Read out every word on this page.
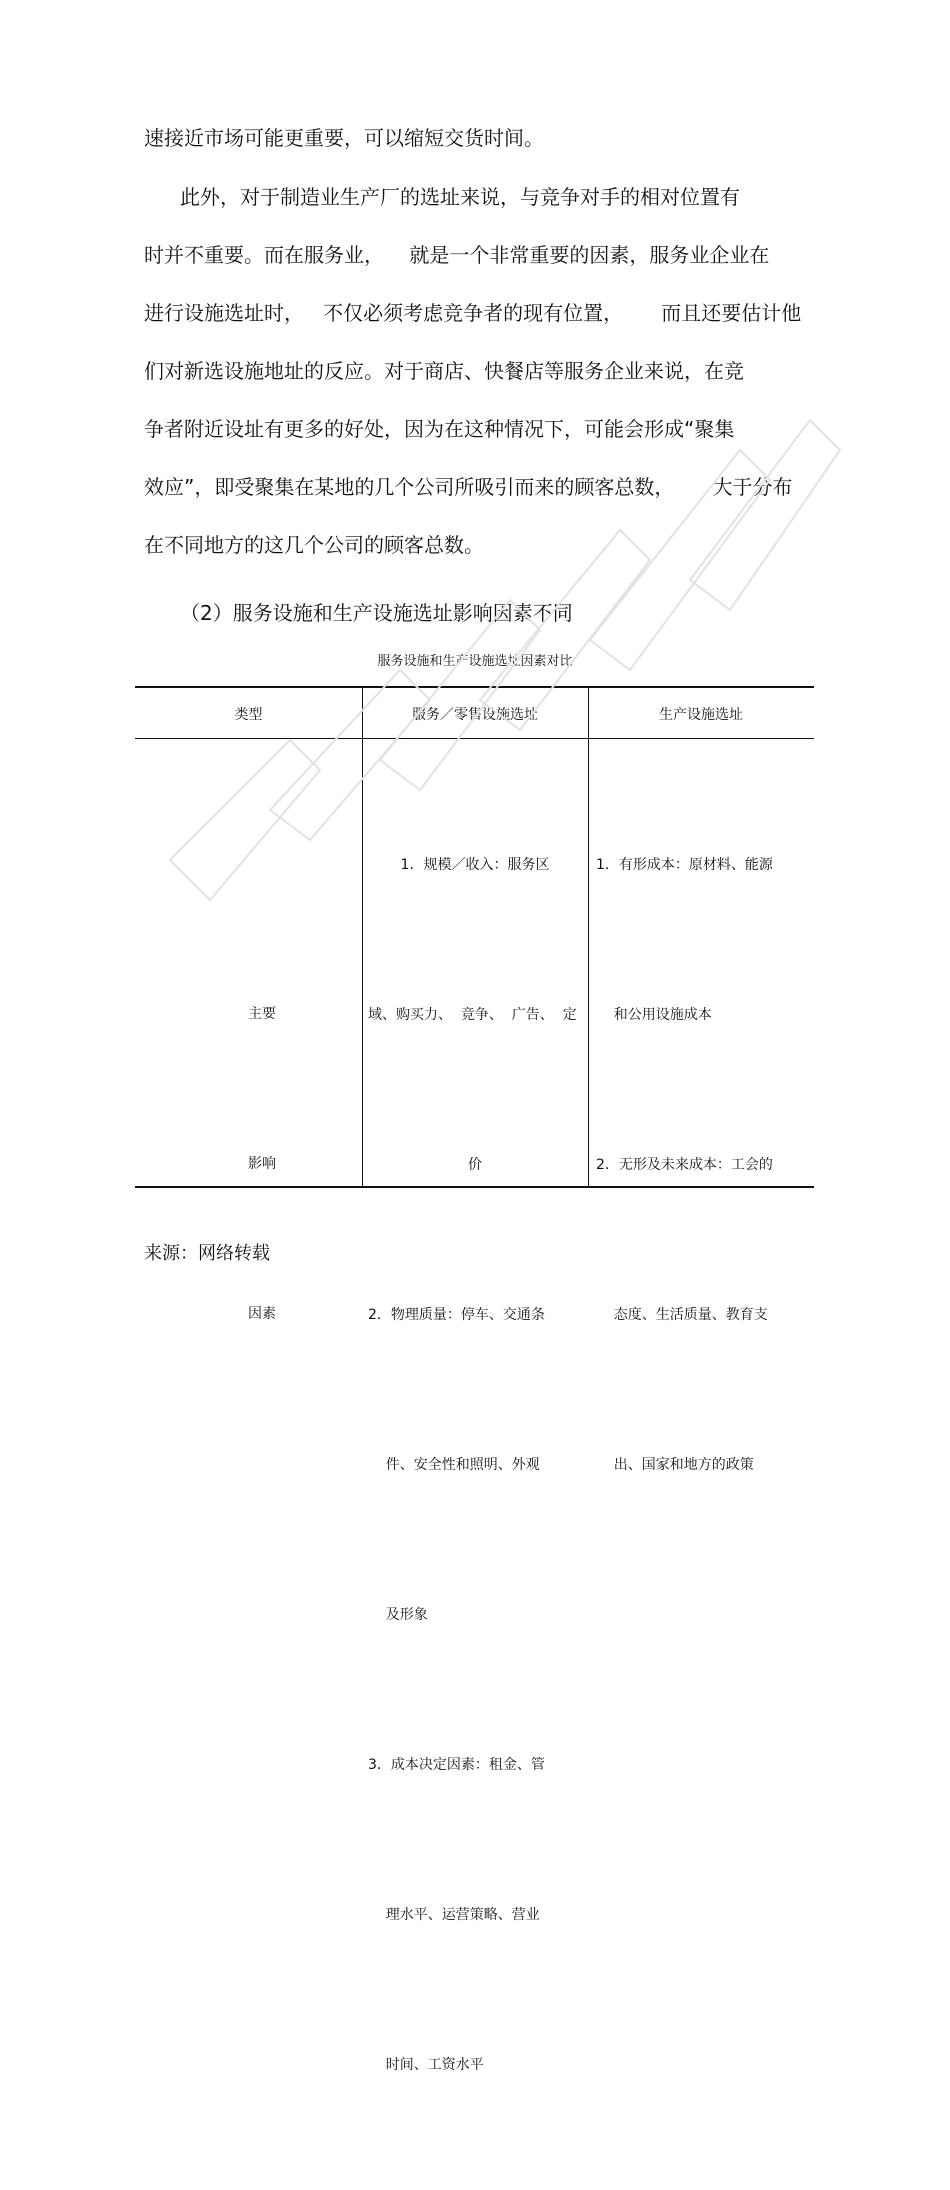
速接近市场可能更重要，可以缩短交货时间。
此外，对于制造业生产厂的选址来说，与竞争对手的相对位置有
时并不重要。而在服务业，    就是一个非常重要的因素，服务业企业在
进行设施选址时，   不仅必须考虑竞争者的现有位置，      而且还要估计他
们对新选设施地址的反应。对于商店、快餐店等服务企业来说，在竞
争者附近设址有更多的好处，因为在这种情况下，可能会形成“聚集
效应”，即受聚集在某地的几个公司所吸引而来的顾客总数，      大于分布
在不同地方的这几个公司的顾客总数。
（2）服务设施和生产设施选址影响因素不同
服务设施和生产设施选址因素对比
类型	服务／零售设施选址	生产设施选址

主要

影响

因素

1．规模／收入：服务区

域、购买力、  竞争、  广告、  定

价

2．物理质量：停车、交通条

件、安全性和照明、外观

及形象

3．成本决定因素：租金、管

理水平、运营策略、营业

时间、工资水平

1．有形成本：原材料、能源

和公用设施成本

2．无形及未来成本：工会的

态度、生活质量、教育支

出、国家和地方的政策

来源：网络转载
